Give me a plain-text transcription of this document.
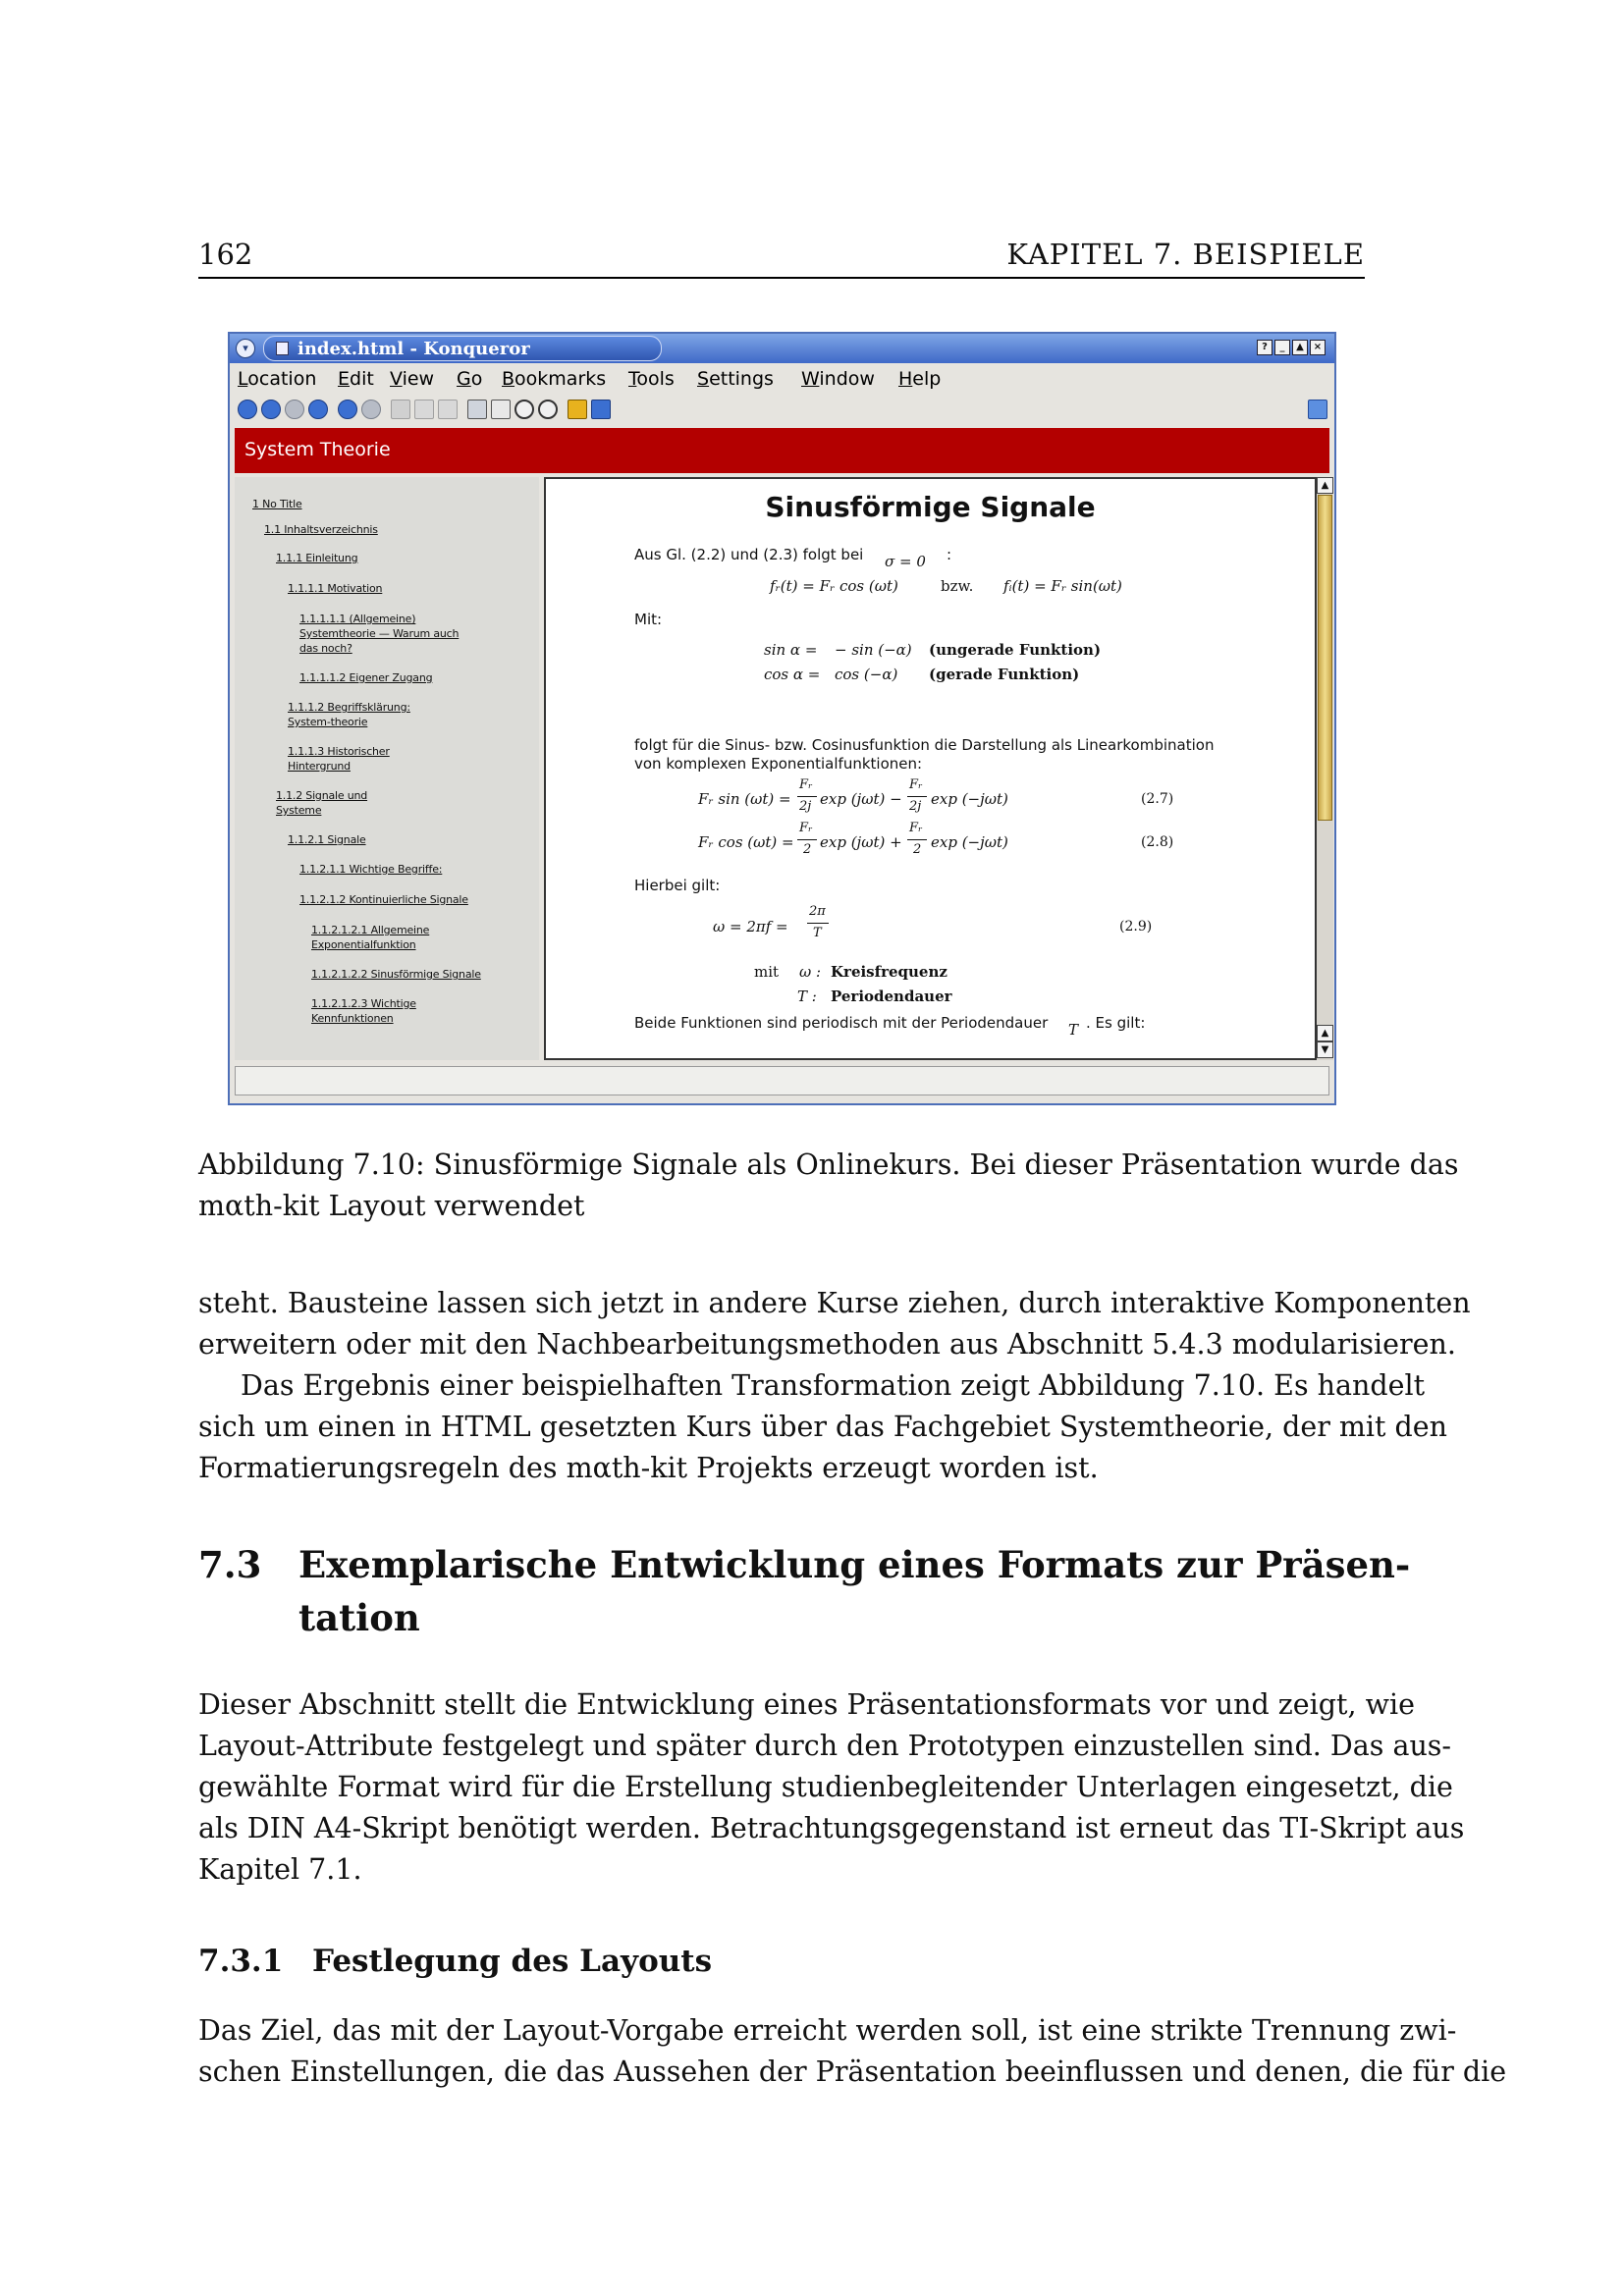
162	KAPITEL 7. BEISPIELE
▾	index.html - Konqueror	?	_	▲ ×
Location Edit View Go Bookmarks Tools Settings Window Help
System Theorie
1 No Title
1.1 Inhaltsverzeichnis
1.1.1 Einleitung
1.1.1.1 Motivation
1.1.1.1.1 (Allgemeine)
Systemtheorie — Warum auch
das noch?
1.1.1.1.2 Eigener Zugang
1.1.1.2 Begriffsklärung:
System-theorie
1.1.1.3 Historischer
Hintergrund
1.1.2 Signale und
Systeme
1.1.2.1 Signale
1.1.2.1.1 Wichtige Begriffe:
1.1.2.1.2 Kontinuierliche Signale
1.1.2.1.2.1 Allgemeine
Exponentialfunktion
1.1.2.1.2.2 Sinusförmige Signale
1.1.2.1.2.3 Wichtige
Kennfunktionen
Sinusförmige Signale
Aus Gl. (2.2) und (2.3) folgt bei σ = 0 :
fᵣ(t) = Fᵣ cos (ωt)	bzw. fᵢ(t) = Fᵣ sin(ωt)
Mit:
sin α = − sin (−α) (ungerade Funktion)
cos α = cos (−α) (gerade Funktion)
folgt für die Sinus- bzw. Cosinusfunktion die Darstellung als Linearkombination
von komplexen Exponentialfunktionen:
Fᵣ sin (ωt) =
Fᵣ
2j exp (jωt) −
Fᵣ
2j exp (−jωt)	(2.7)
Fᵣ cos (ωt) =
Fᵣ
2 exp (jωt) +
Fᵣ
2 exp (−jωt)	(2.8)
Hierbei gilt:
ω = 2πf =
2π
T	(2.9)
mit ω : Kreisfrequenz
T : Periodendauer
Beide Funktionen sind periodisch mit der Periodendauer T . Es gilt:
▲
▲
▼
Abbildung 7.10: Sinusförmige Signale als Onlinekurs. Bei dieser Präsentation wurde das
mαth-kit Layout verwendet
steht. Bausteine lassen sich jetzt in andere Kurse ziehen, durch interaktive Komponenten
erweitern oder mit den Nachbearbeitungsmethoden aus Abschnitt 5.4.3 modularisieren.
Das Ergebnis einer beispielhaften Transformation zeigt Abbildung 7.10. Es handelt
sich um einen in HTML gesetzten Kurs über das Fachgebiet Systemtheorie, der mit den
Formatierungsregeln des mαth-kit Projekts erzeugt worden ist.
7.3 Exemplarische Entwicklung eines Formats zur Präsen-
tation
Dieser Abschnitt stellt die Entwicklung eines Präsentationsformats vor und zeigt, wie
Layout-Attribute festgelegt und später durch den Prototypen einzustellen sind. Das aus-
gewählte Format wird für die Erstellung studienbegleitender Unterlagen eingesetzt, die
als DIN A4-Skript benötigt werden. Betrachtungsgegenstand ist erneut das TI-Skript aus
Kapitel 7.1.
7.3.1 Festlegung des Layouts
Das Ziel, das mit der Layout-Vorgabe erreicht werden soll, ist eine strikte Trennung zwi-
schen Einstellungen, die das Aussehen der Präsentation beeinflussen und denen, die für die
